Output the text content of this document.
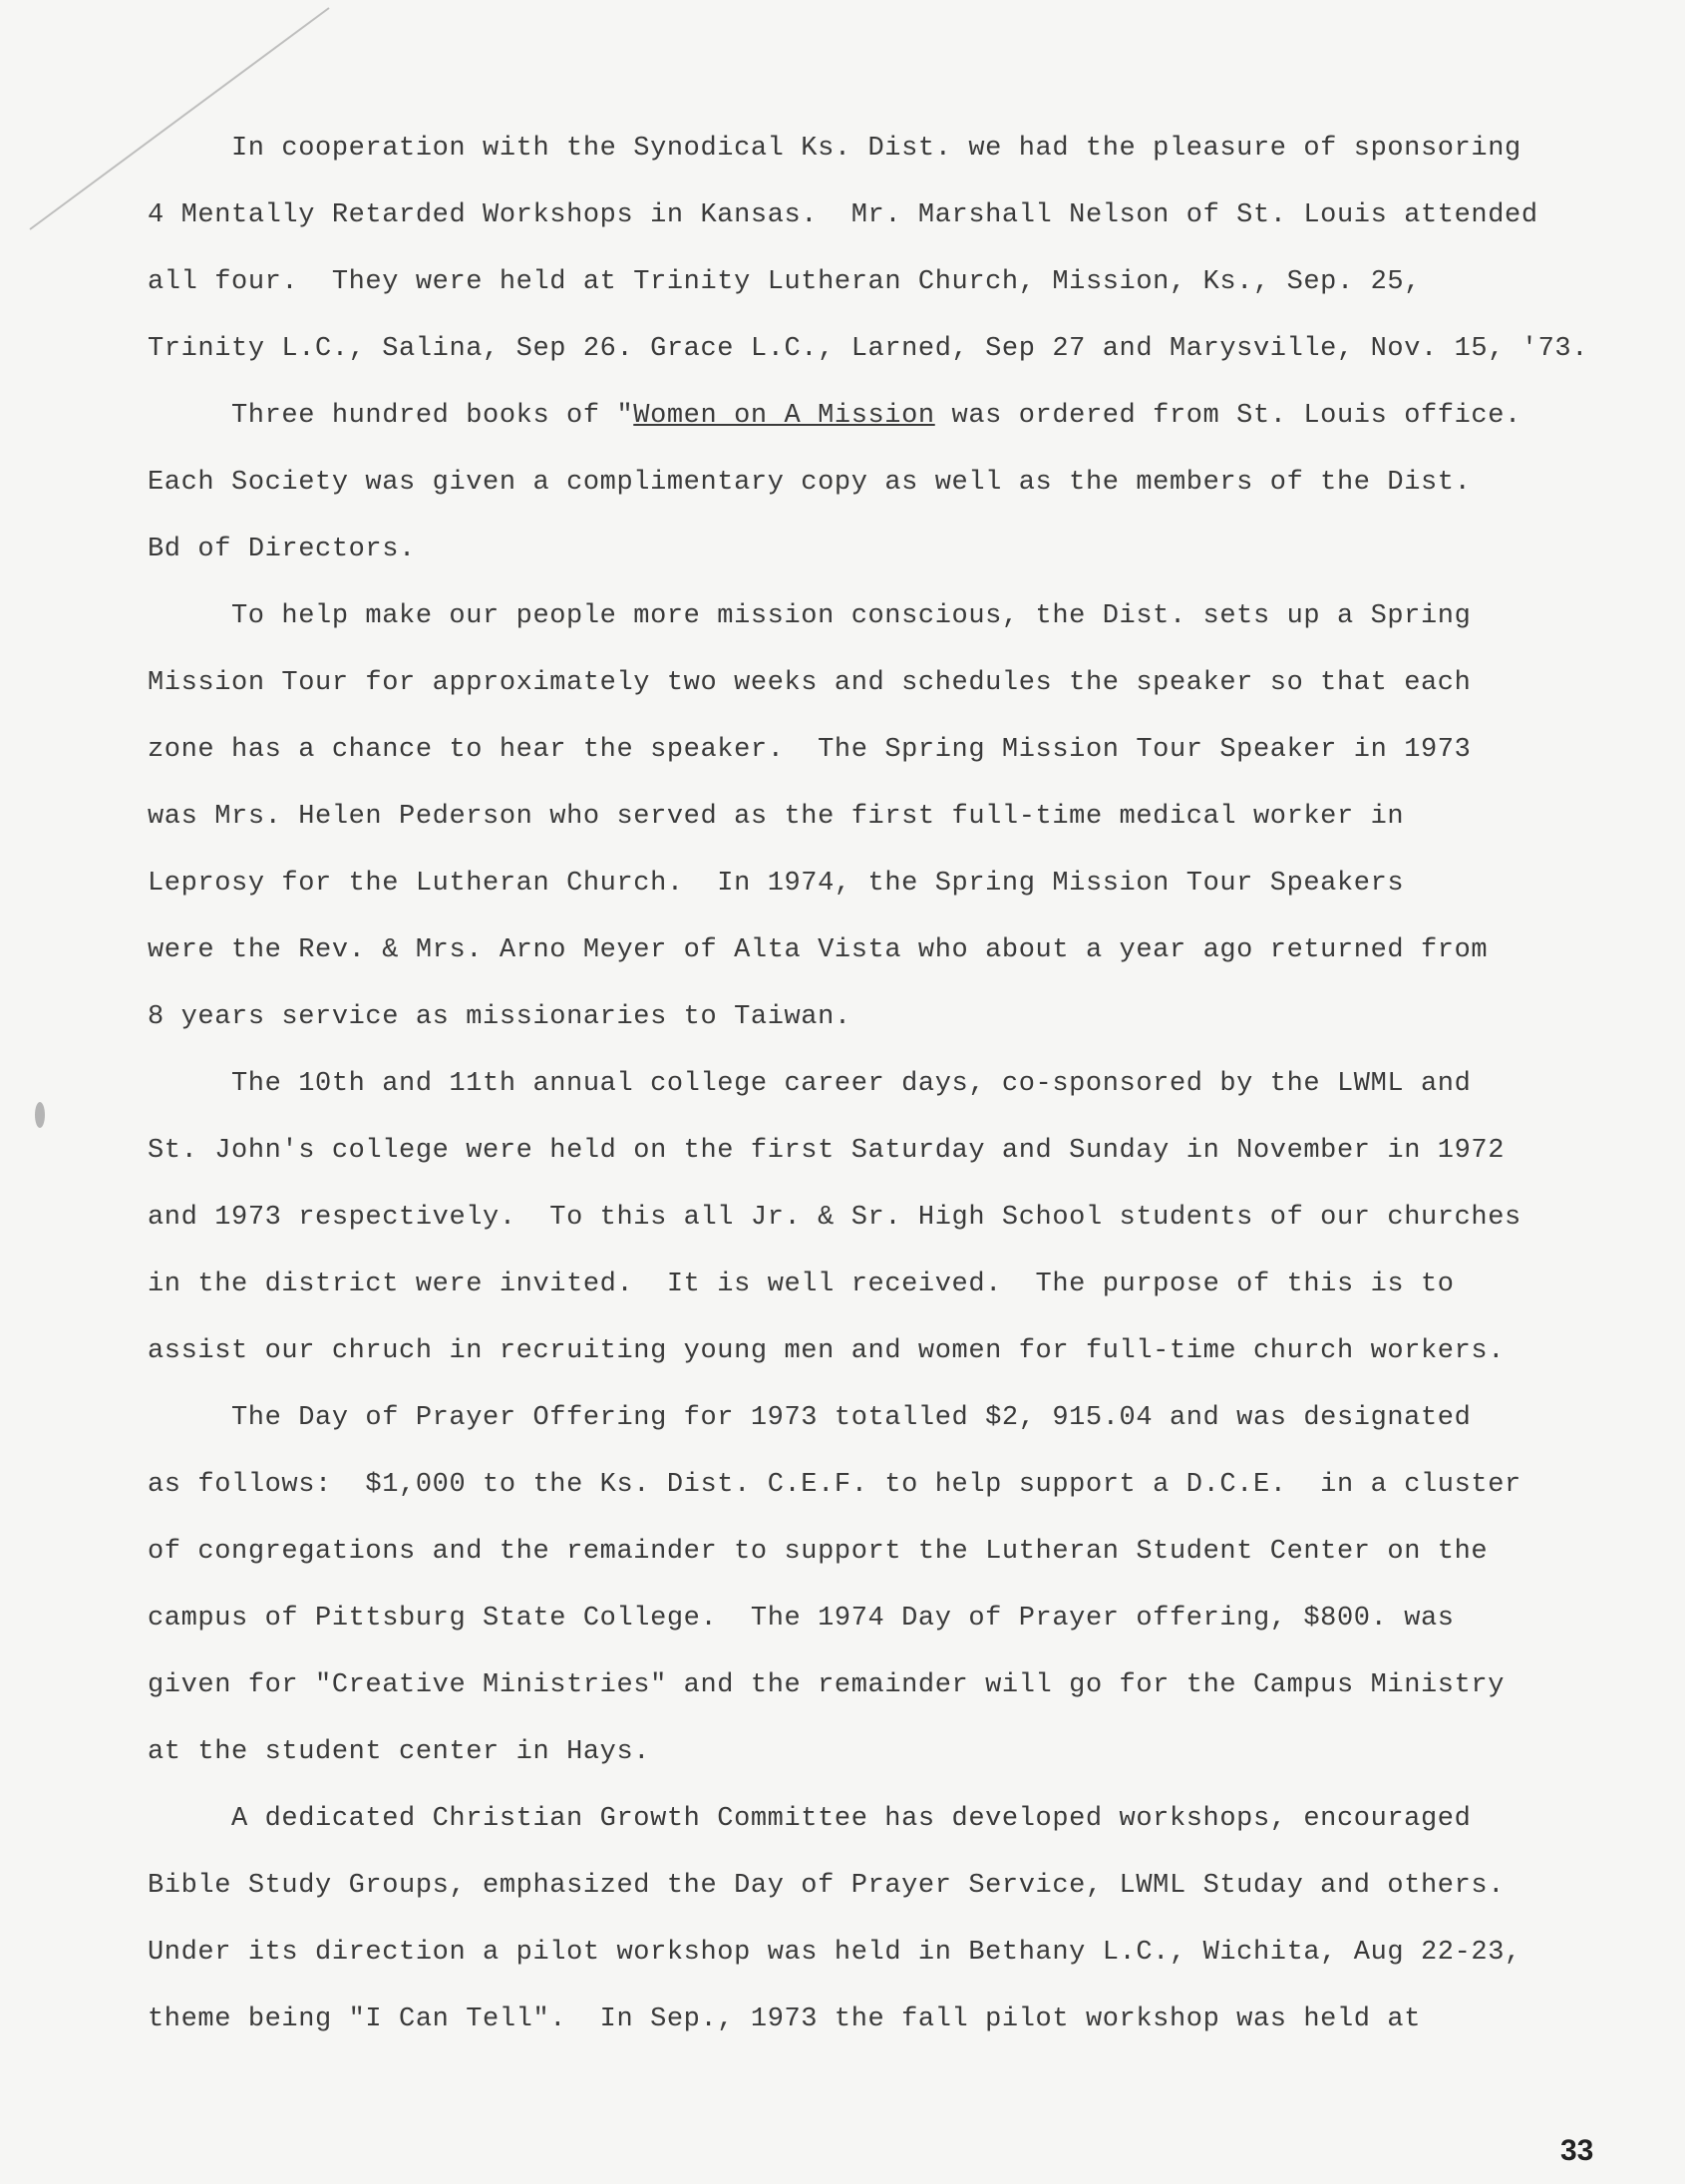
In cooperation with the Synodical Ks. Dist. we had the pleasure of sponsoring
4 Mentally Retarded Workshops in Kansas.  Mr. Marshall Nelson of St. Louis attended
all four.  They were held at Trinity Lutheran Church, Mission, Ks., Sep. 25,
Trinity L.C., Salina, Sep 26. Grace L.C., Larned, Sep 27 and Marysville, Nov. 15, '73.
Three hundred books of "Women on A Mission was ordered from St. Louis office.
Each Society was given a complimentary copy as well as the members of the Dist.
Bd of Directors.
To help make our people more mission conscious, the Dist. sets up a Spring
Mission Tour for approximately two weeks and schedules the speaker so that each
zone has a chance to hear the speaker.  The Spring Mission Tour Speaker in 1973
was Mrs. Helen Pederson who served as the first full-time medical worker in
Leprosy for the Lutheran Church.  In 1974, the Spring Mission Tour Speakers
were the Rev. & Mrs. Arno Meyer of Alta Vista who about a year ago returned from
8 years service as missionaries to Taiwan.
The 10th and 11th annual college career days, co-sponsored by the LWML and
St. John's college were held on the first Saturday and Sunday in November in 1972
and 1973 respectively.  To this all Jr. & Sr. High School students of our churches
in the district were invited.  It is well received.  The purpose of this is to
assist our chruch in recruiting young men and women for full-time church workers.
The Day of Prayer Offering for 1973 totalled $2, 915.04 and was designated
as follows:  $1,000 to the Ks. Dist. C.E.F. to help support a D.C.E.  in a cluster
of congregations and the remainder to support the Lutheran Student Center on the
campus of Pittsburg State College.  The 1974 Day of Prayer offering, $800. was
given for "Creative Ministries" and the remainder will go for the Campus Ministry
at the student center in Hays.
A dedicated Christian Growth Committee has developed workshops, encouraged
Bible Study Groups, emphasized the Day of Prayer Service, LWML Studay and others.
Under its direction a pilot workshop was held in Bethany L.C., Wichita, Aug 22-23,
theme being "I Can Tell".  In Sep., 1973 the fall pilot workshop was held at
33
